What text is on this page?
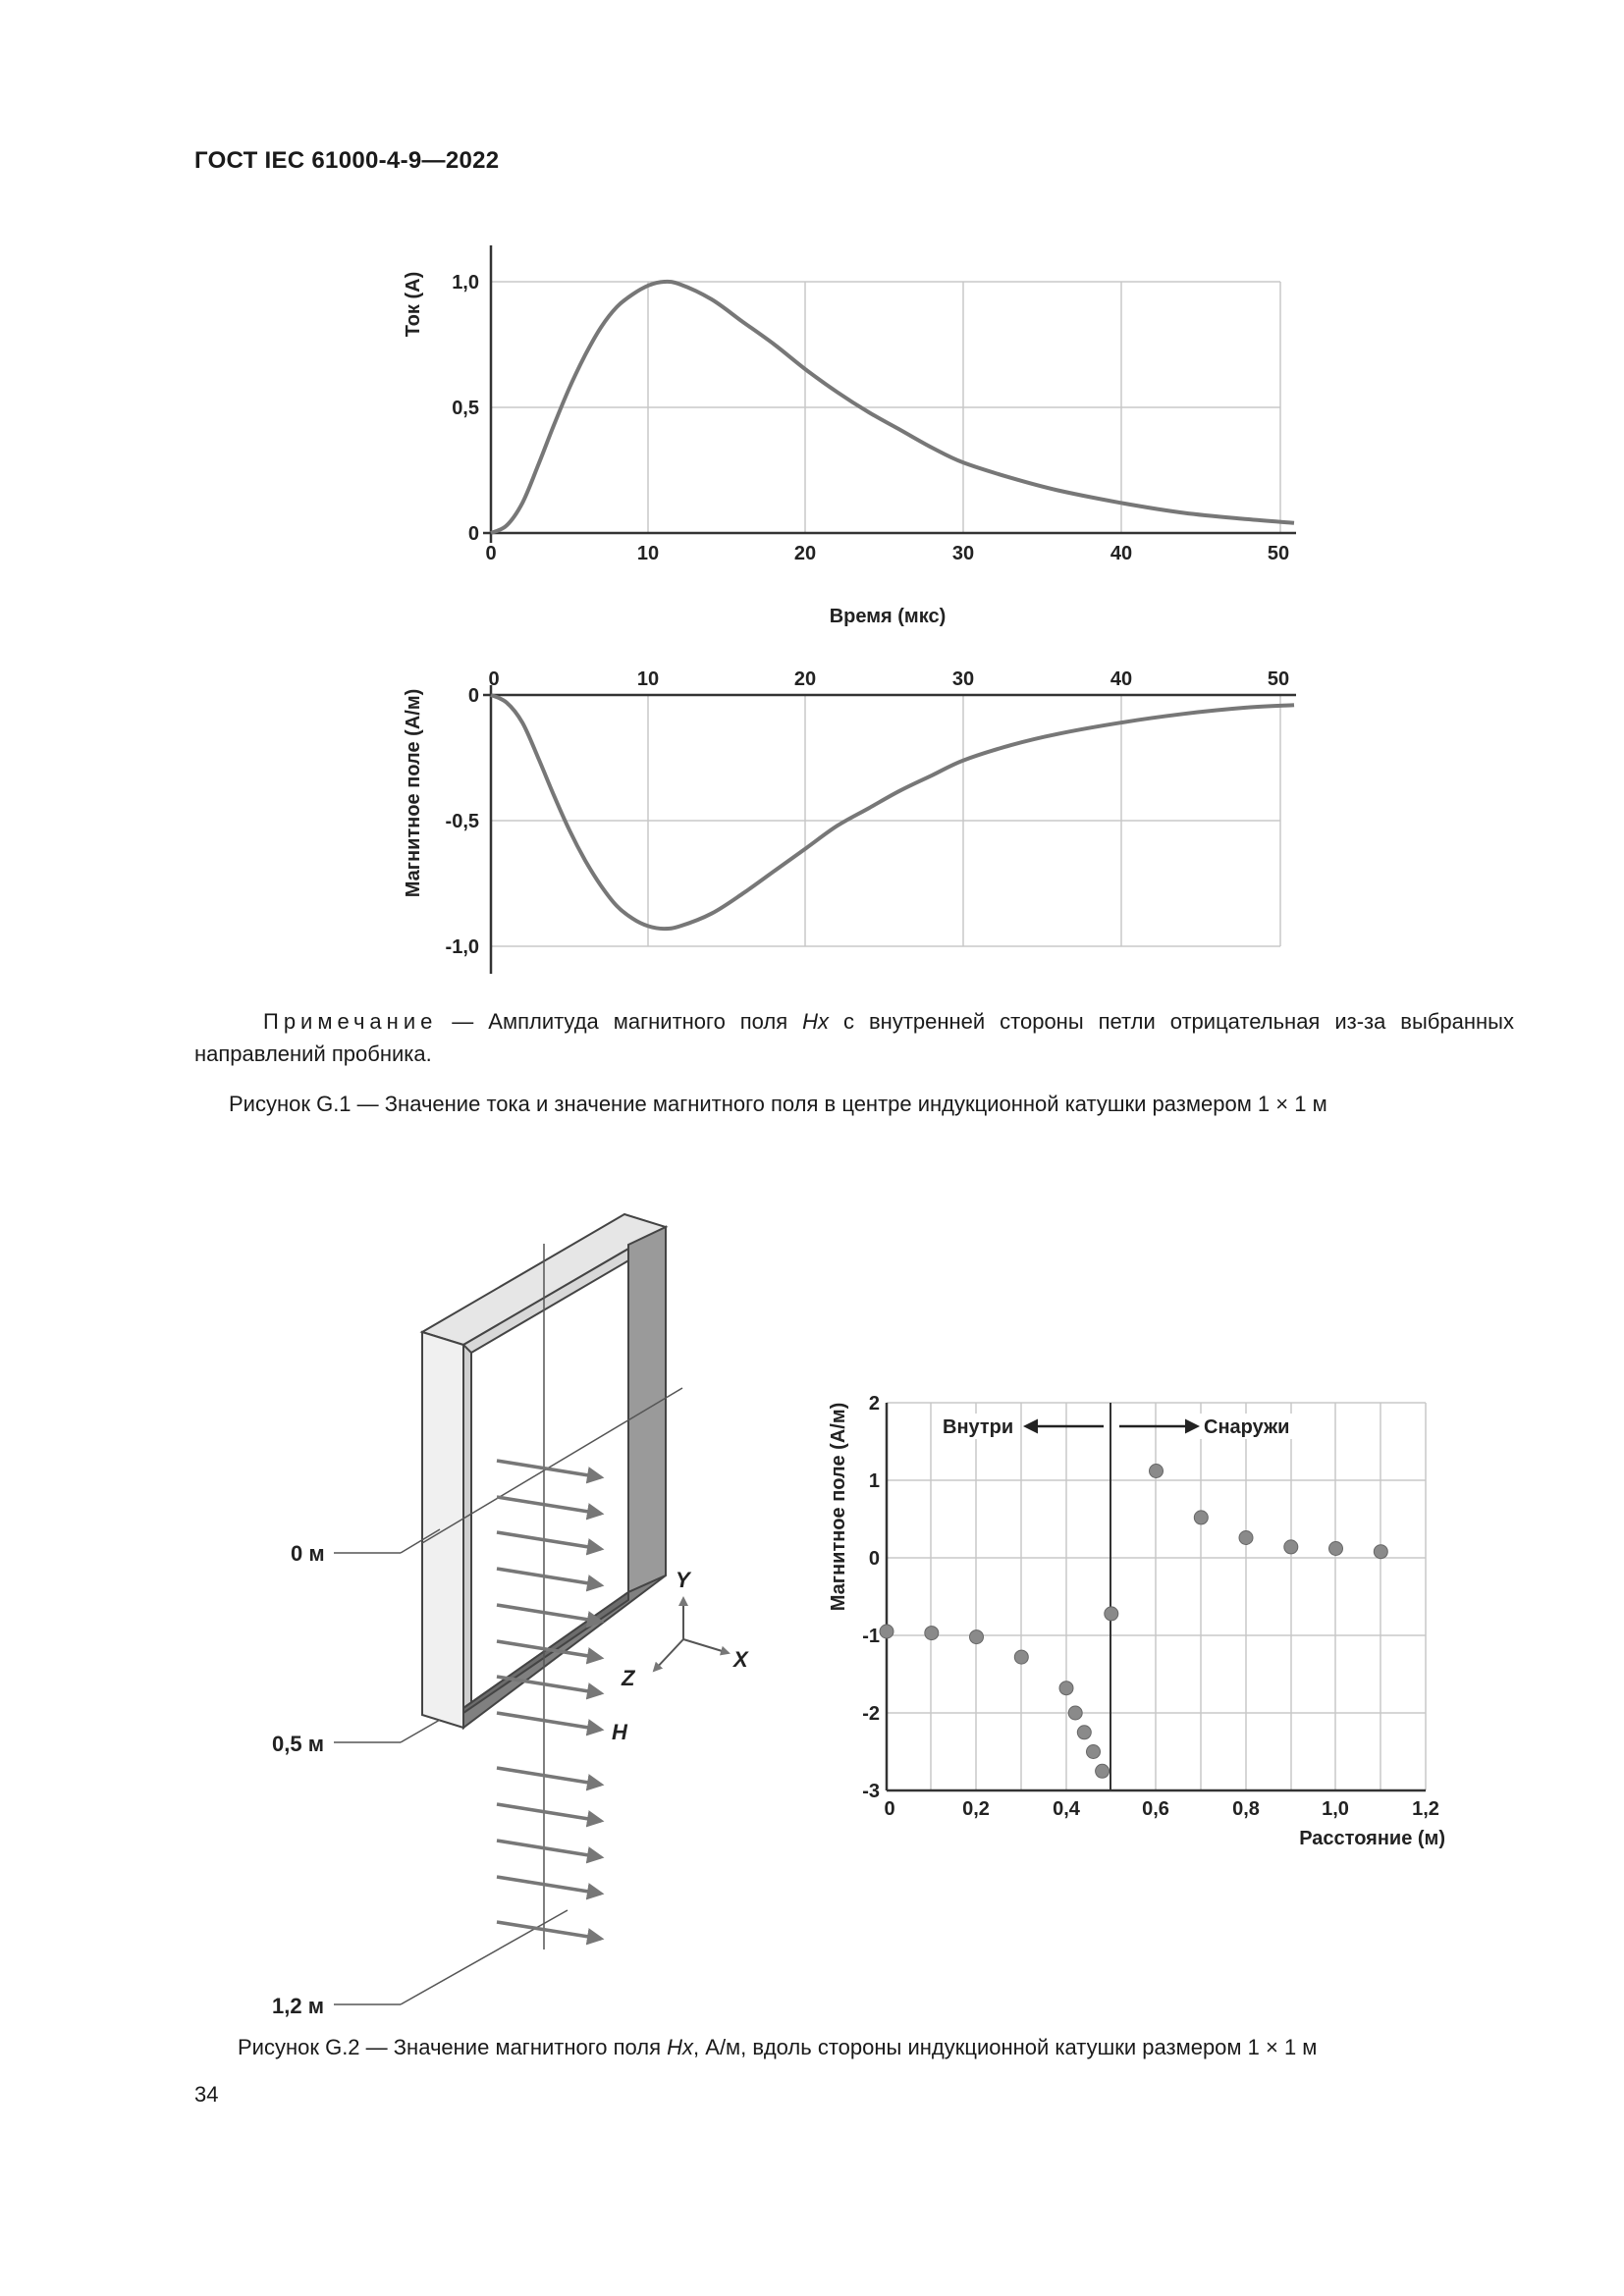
ГОСТ IEC 61000-4-9—2022
1,0
0,5
0
0	10	20	30	40	50
Ток (A)
Время (мкс)
0
-0,5
-1,0
0	10	20	30	40	50
Магнитное поле (А/м)
Примечание — Амплитуда магнитного поля Hx с внутренней стороны петли отрицательная из-за выбранных направлений пробника.
Рисунок G.1 — Значение тока и значение магнитного поля в центре индукционной катушки размером 1 × 1 м
0 м
0,5 м
1,2 м
Y
X
Z
H
2
1
0
-1
-2
-3
0	0,2	0,4	0,6	0,8	1,0	1,2
Расстояние (м)
Магнитное поле (А/м)	Внутри	Снаружи
Рисунок G.2 — Значение магнитного поля Hx, А/м, вдоль стороны индукционной катушки размером 1 × 1 м
34
